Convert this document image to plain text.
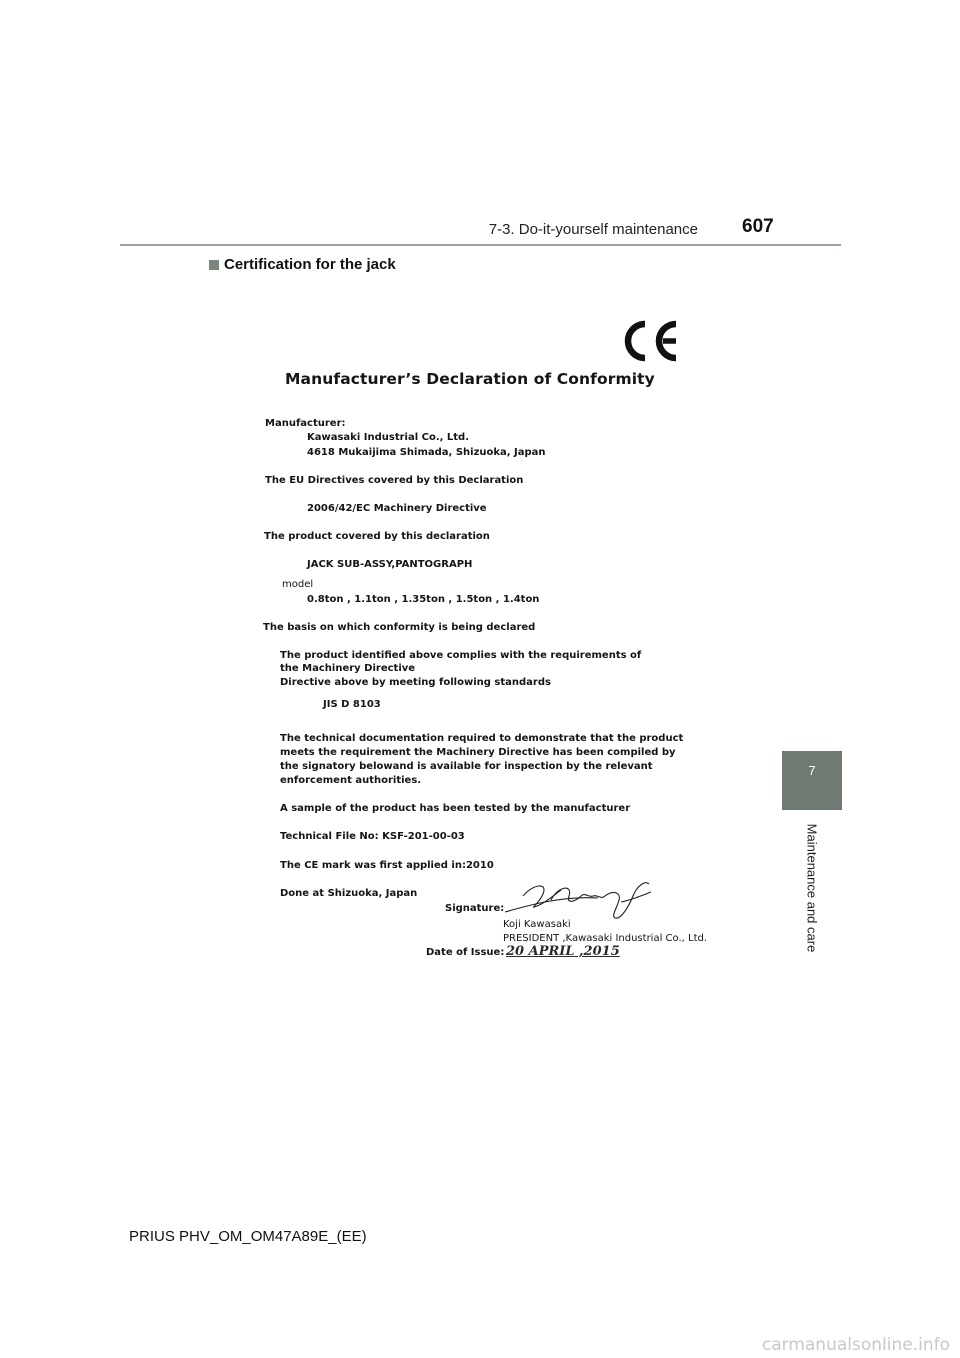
7-3. Do-it-yourself maintenance 607
Certification for the jack
7
Maintenance and care
Manufacturer’s Declaration of Conformity
Manufacturer:
Kawasaki Industrial Co., Ltd.
4618 Mukaijima Shimada, Shizuoka, Japan
The EU Directives covered by this Declaration
2006/42/EC Machinery Directive
The product covered by this declaration
JACK SUB-ASSY,PANTOGRAPH
model
0.8ton , 1.1ton , 1.35ton , 1.5ton , 1.4ton
The basis on which conformity is being declared
The product identified above complies with the requirements of
the Machinery Directive
Directive above by meeting following standards
JIS D 8103
The technical documentation required to demonstrate that the product
meets the requirement the Machinery Directive has been compiled by
the signatory belowand is available for inspection by the relevant
enforcement authorities.
A sample of the product has been tested by the manufacturer
Technical File No: KSF-201-00-03
The CE mark was first applied in:2010
Done at Shizuoka, Japan
Signature:
Koji Kawasaki
PRESIDENT ,Kawasaki Industrial Co., Ltd.
Date of Issue: 20 APRIL ,2015
PRIUS PHV_OM_OM47A89E_(EE)
carmanualsonline.info
